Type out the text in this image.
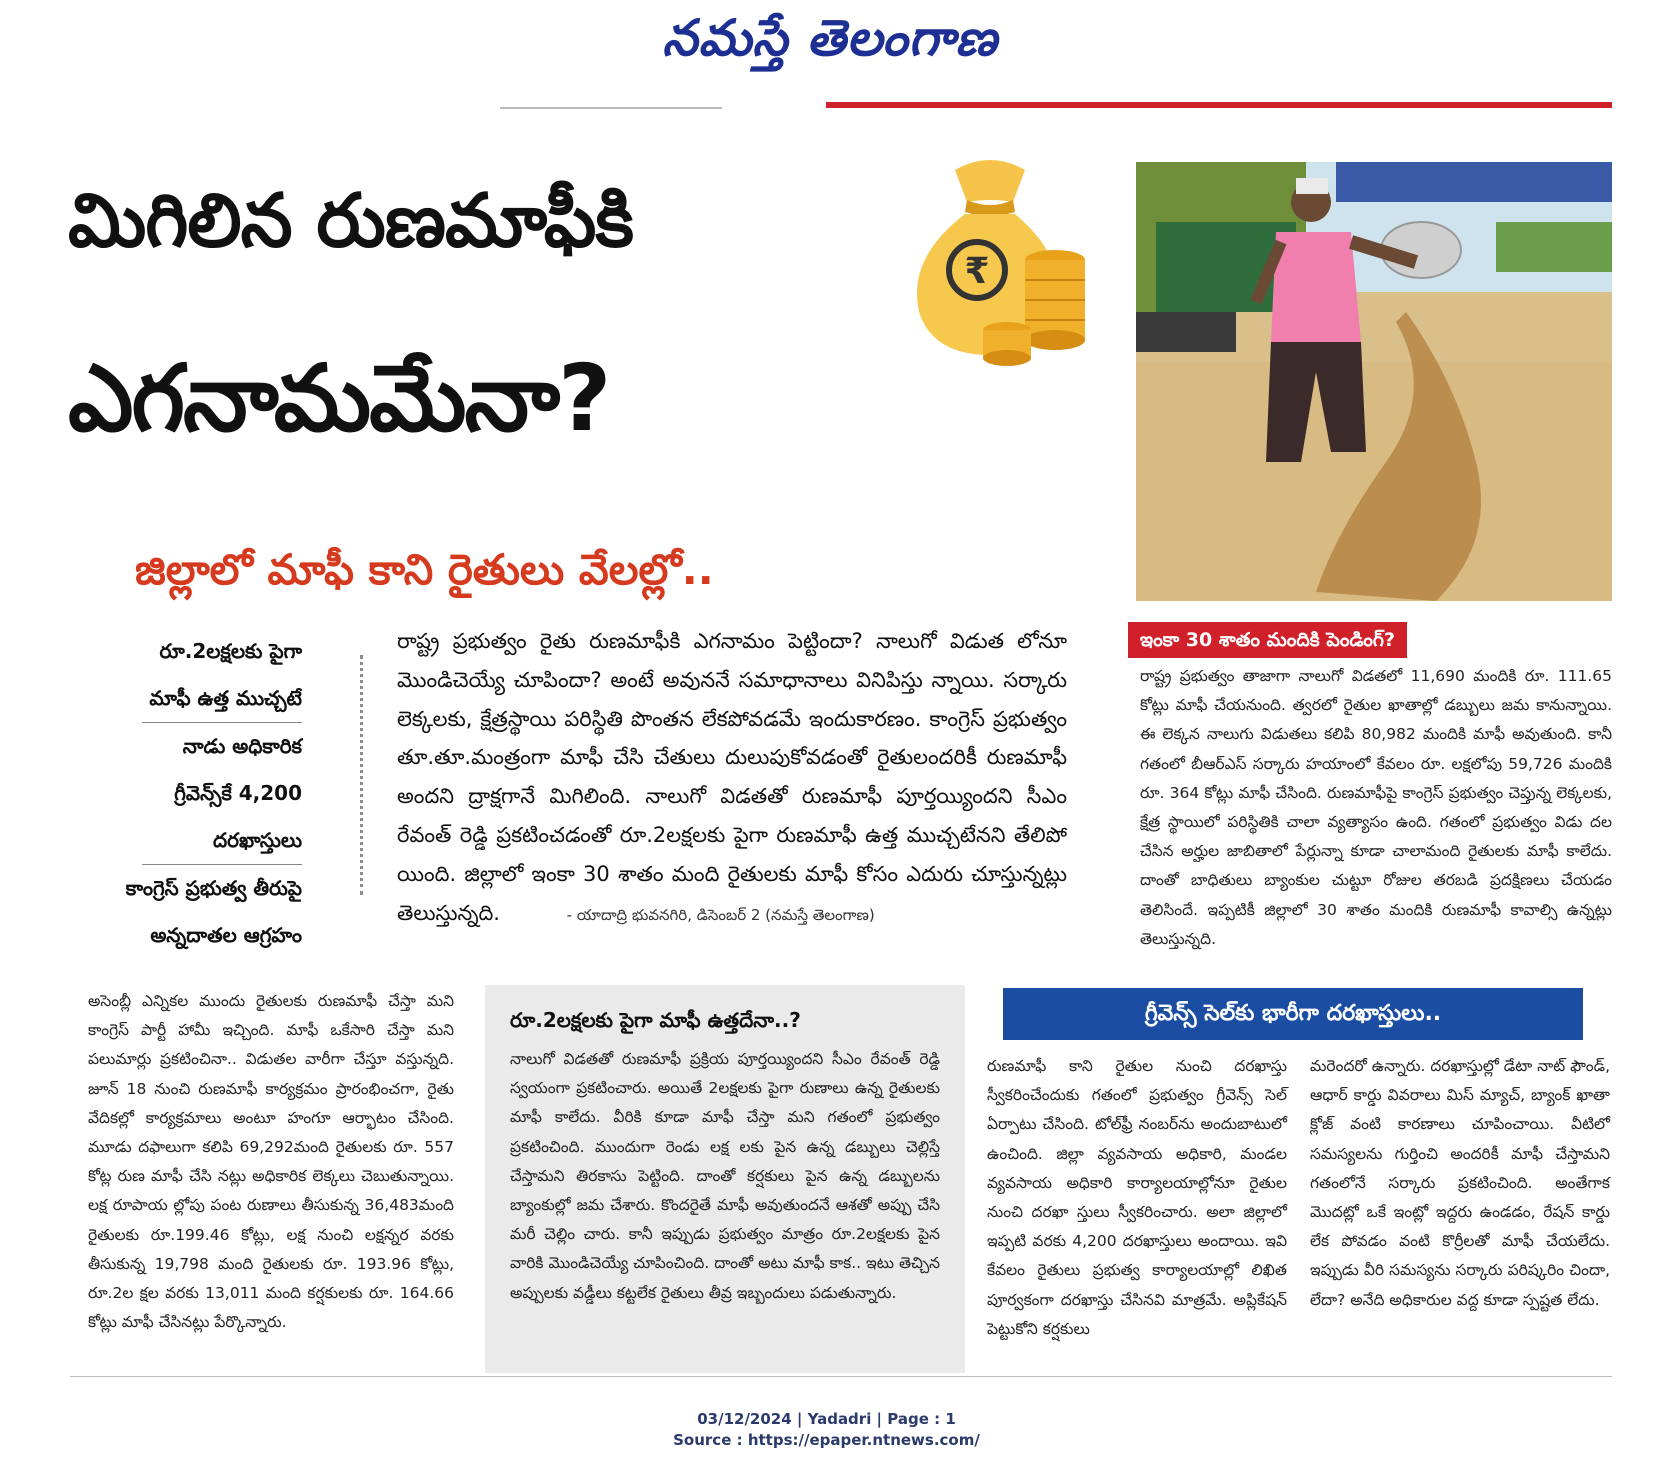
నమస్తే తెలంగాణ
మిగిలిన రుణమాఫీకి
ఎగనామమేనా?
జిల్లాలో మాఫీ కాని రైతులు వేలల్లో..
₹
ఇంకా 30 శాతం మందికి పెండింగ్?
రాష్ట్ర ప్రభుత్వం తాజాగా నాలుగో విడతలో 11,690 మందికి రూ. 111.65 కోట్లు మాఫీ చేయనుంది. త్వరలో రైతుల ఖాతాల్లో డబ్బులు జమ కానున్నాయి. ఈ లెక్కన నాలుగు విడుతలు కలిపి 80,982 మందికి మాఫీ అవుతుంది. కానీ గతంలో బీఆర్ఎస్ సర్కారు హయాంలో కేవలం రూ. లక్షలోపు 59,726 మందికి రూ. 364 కోట్లు మాఫీ చేసింది. రుణమాఫీపై కాంగ్రెస్ ప్రభుత్వం చెప్తున్న లెక్కలకు, క్షేత్ర స్థాయిలో పరిస్థితికి చాలా వ్యత్యాసం ఉంది. గతంలో ప్రభుత్వం విడు దల చేసిన అర్హుల జాబితాలో పేర్లున్నా కూడా చాలామంది రైతులకు మాఫీ కాలేదు. దాంతో బాధితులు బ్యాంకుల చుట్టూ రోజుల తరబడి ప్రదక్షిణలు చేయడం తెలిసిందే. ఇప్పటికీ జిల్లాలో 30 శాతం మందికి రుణమాఫీ కావాల్సి ఉన్నట్లు తెలుస్తున్నది.
రాష్ట్ర ప్రభుత్వం రైతు రుణమాఫీకి ఎగనామం పెట్టిందా? నాలుగో విడుత లోనూ మొండిచెయ్యే చూపిందా? అంటే అవుననే సమాధానాలు వినిపిస్తు న్నాయి. సర్కారు లెక్కలకు, క్షేత్రస్థాయి పరిస్థితి పొంతన లేకపోవడమే ఇందుకారణం. కాంగ్రెస్ ప్రభుత్వం తూ.తూ.మంత్రంగా మాఫీ చేసి చేతులు దులుపుకోవడంతో రైతులందరికీ రుణమాఫీ అందని ద్రాక్షగానే మిగిలింది. నాలుగో విడతతో రుణమాఫీ పూర్తయ్యిందని సీఎం రేవంత్ రెడ్డి ప్రకటించడంతో రూ.2లక్షలకు పైగా రుణమాఫీ ఉత్త ముచ్చటేనని తేలిపో యింది. జిల్లాలో ఇంకా 30 శాతం మంది రైతులకు మాఫీ కోసం ఎదురు చూస్తున్నట్లు తెలుస్తున్నది.	- యాదాద్రి భువనగిరి, డిసెంబర్ 2 (నమస్తే తెలంగాణ)
రూ.2లక్షలకు పైగా
మాఫీ ఉత్త ముచ్చటే
నాడు అధికారిక
గ్రీవెన్స్‌కే 4,200
దరఖాస్తులు
కాంగ్రెస్ ప్రభుత్వ తీరుపై
అన్నదాతల ఆగ్రహం
అసెంబ్లీ ఎన్నికల ముందు రైతులకు రుణమాఫీ చేస్తా మని కాంగ్రెస్ పార్టీ హామీ ఇచ్చింది. మాఫీ ఒకేసారి చేస్తా మని పలుమార్లు ప్రకటించినా.. విడుతల వారీగా చేస్తూ వస్తున్నది. జూన్ 18 నుంచి రుణమాఫీ కార్యక్రమం ప్రారంభించగా, రైతు వేదికల్లో కార్యక్రమాలు అంటూ హంగూ ఆర్భాటం చేసింది. మూడు దఫాలుగా కలిపి 69,292మంది రైతులకు రూ. 557 కోట్ల రుణ మాఫీ చేసి నట్లు అధికారిక లెక్కలు చెబుతున్నాయి. లక్ష రూపాయ ల్లోపు పంట రుణాలు తీసుకున్న 36,483మంది రైతులకు రూ.199.46 కోట్లు, లక్ష నుంచి లక్షన్నర వరకు తీసుకున్న 19,798 మంది రైతులకు రూ. 193.96 కోట్లు, రూ.2ల క్షల వరకు 13,011 మంది కర్షకులకు రూ. 164.66 కోట్లు మాఫీ చేసినట్లు పేర్కొన్నారు.
రూ.2లక్షలకు పైగా మాఫీ ఉత్తదేనా..?
నాలుగో విడతతో రుణమాఫీ ప్రక్రియ పూర్తయ్యిందని సీఎం రేవంత్ రెడ్డి స్వయంగా ప్రకటించారు. అయితే 2లక్షలకు పైగా రుణాలు ఉన్న రైతులకు మాఫీ కాలేదు. వీరికి కూడా మాఫీ చేస్తా మని గతంలో ప్రభుత్వం ప్రకటించింది. ముందుగా రెండు లక్ష లకు పైన ఉన్న డబ్బులు చెల్లిస్తే చేస్తామని తిరకాసు పెట్టింది. దాంతో కర్షకులు పైన ఉన్న డబ్బులను బ్యాంకుల్లో జమ చేశారు. కొందరైతే మాఫీ అవుతుందనే ఆశతో అప్పు చేసి మరీ చెల్లిం చారు. కానీ ఇప్పుడు ప్రభుత్వం మాత్రం రూ.2లక్షలకు పైన వారికి మొండిచెయ్యే చూపించింది. దాంతో అటు మాఫీ కాక.. ఇటు తెచ్చిన అప్పులకు వడ్డీలు కట్టలేక రైతులు తీవ్ర ఇబ్బందులు పడుతున్నారు.
గ్రీవెన్స్ సెల్‌కు భారీగా దరఖాస్తులు..
రుణమాఫీ కాని రైతుల నుంచి దరఖాస్తు స్వీకరించేందుకు గతంలో ప్రభుత్వం గ్రీవెన్స్ సెల్ ఏర్పాటు చేసింది. టోల్‌ఫ్రీ నంబర్‌ను అందుబాటులో ఉంచింది. జిల్లా వ్యవసాయ అధికారి, మండల వ్యవసాయ అధికారి కార్యాలయాల్లోనూ రైతుల నుంచి దరఖా స్తులు స్వీకరించారు. అలా జిల్లాలో ఇప్పటి వరకు 4,200 దరఖాస్తులు అందాయి. ఇవి కేవలం రైతులు ప్రభుత్వ కార్యాలయాల్లో లిఖిత పూర్వకంగా దరఖాస్తు చేసినవి మాత్రమే. అప్లికేషన్ పెట్టుకోని కర్షకులు
మరెందరో ఉన్నారు. దరఖాస్తుల్లో డేటా నాట్ ఫౌండ్, ఆధార్ కార్డు వివరాలు మిస్ మ్యాచ్, బ్యాంక్ ఖాతా క్లోజ్ వంటి కారణాలు చూపించాయి. వీటిలో సమస్యలను గుర్తించి అందరికీ మాఫీ చేస్తామని గతంలోనే సర్కారు ప్రకటించింది. అంతేగాక మొదట్లో ఒకే ఇంట్లో ఇద్దరు ఉండడం, రేషన్ కార్డు లేక పోవడం వంటి కొర్రీలతో మాఫీ చేయలేదు. ఇప్పుడు వీరి సమస్యను సర్కారు పరిష్కరిం చిందా, లేదా? అనేది అధికారుల వద్ద కూడా స్పష్టత లేదు.
03/12/2024 | Yadadri | Page : 1
Source : https://epaper.ntnews.com/
